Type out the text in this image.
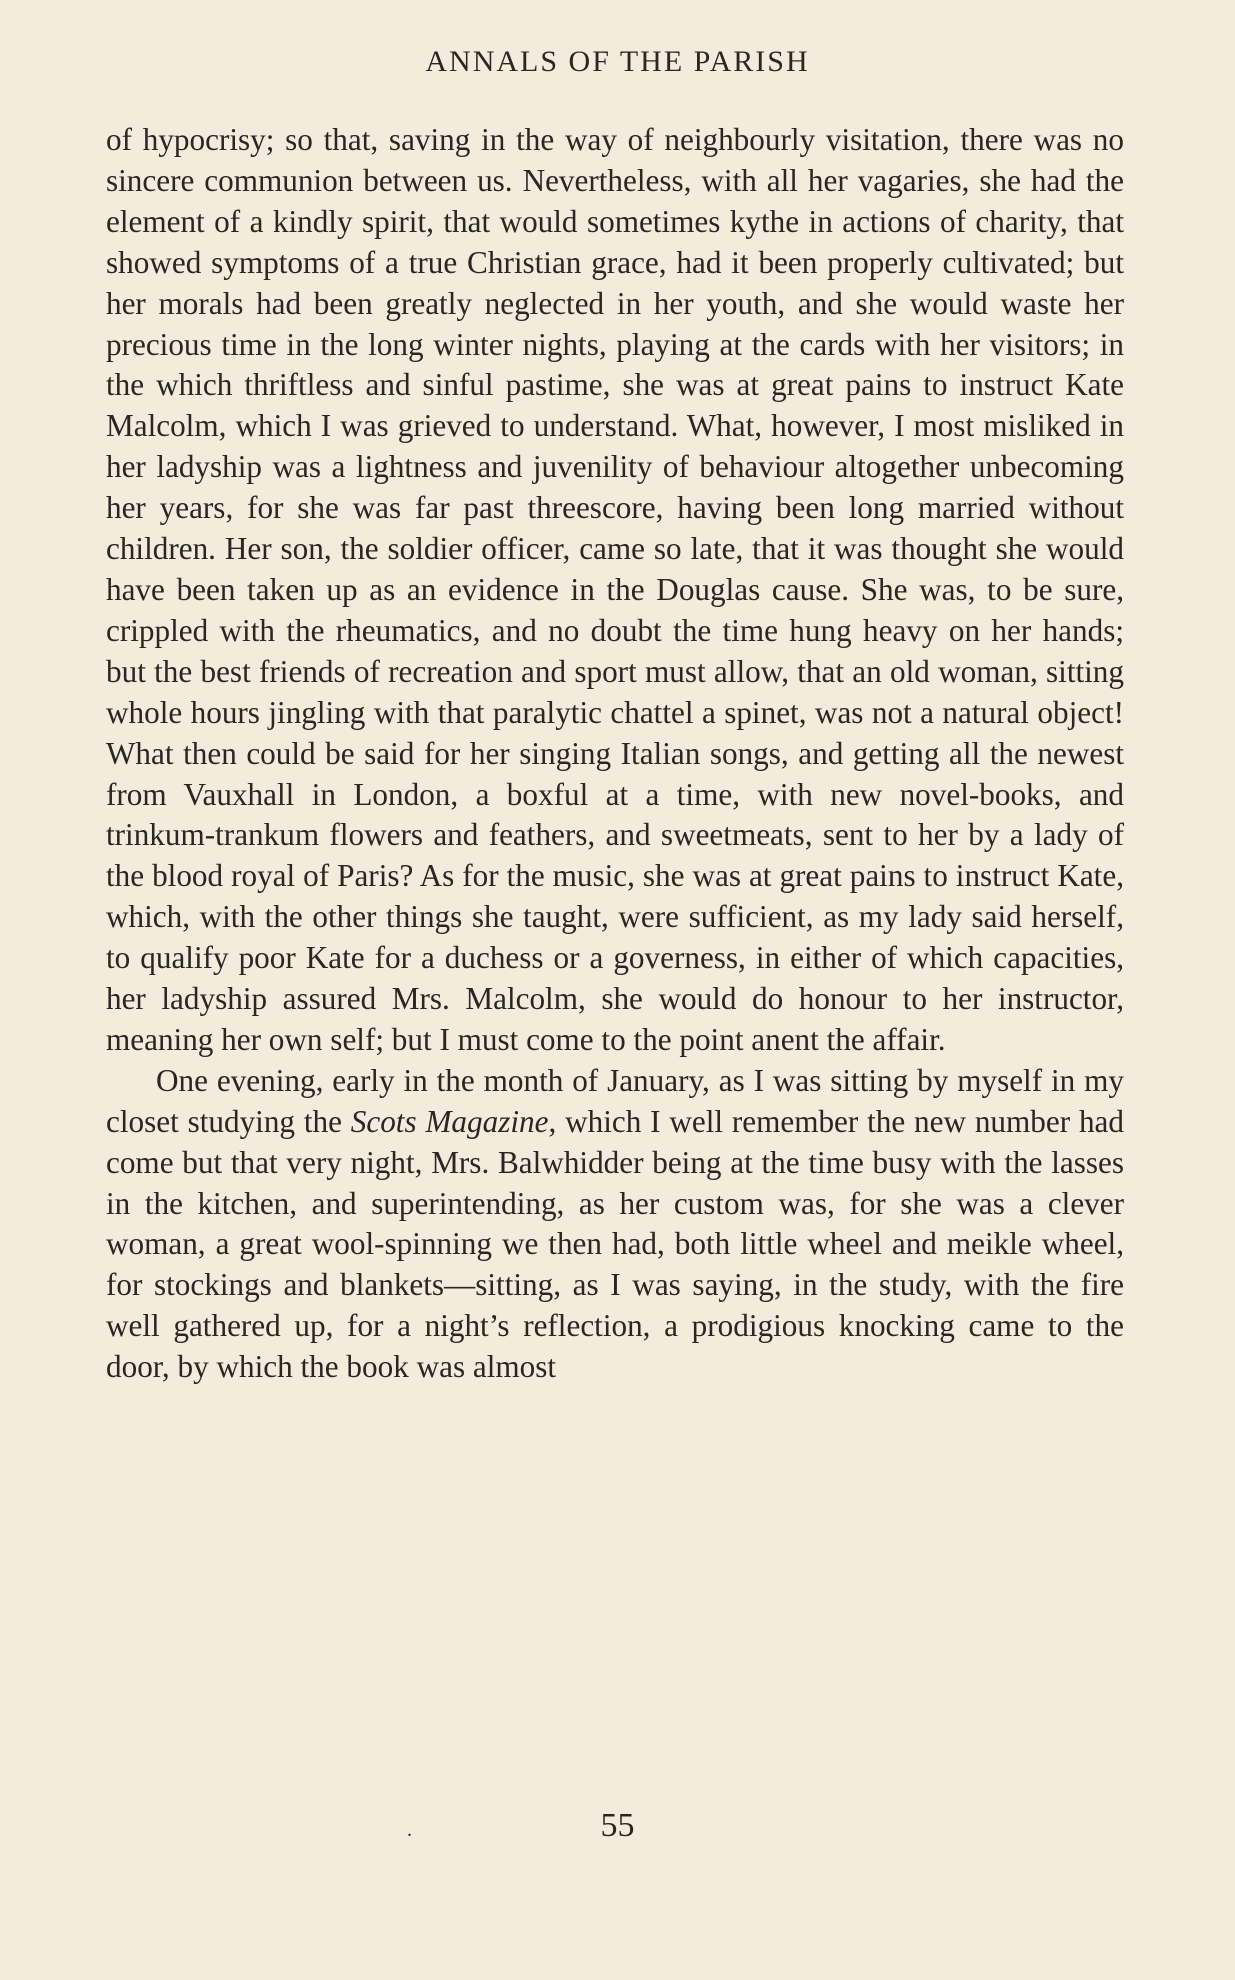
ANNALS OF THE PARISH

of hypocrisy; so that, saving in the way of neighbourly visitation, there was no sincere communion between us. Nevertheless, with all her vagaries, she had the element of a kindly spirit, that would sometimes kythe in actions of charity, that showed symptoms of a true Christian grace, had it been properly cultivated; but her morals had been greatly neglected in her youth, and she would waste her precious time in the long winter nights, playing at the cards with her visitors; in the which thriftless and sinful pastime, she was at great pains to instruct Kate Malcolm, which I was grieved to understand. What, however, I most misliked in her ladyship was a lightness and juvenility of behaviour altogether unbecoming her years, for she was far past threescore, having been long married without children. Her son, the soldier officer, came so late, that it was thought she would have been taken up as an evidence in the Douglas cause. She was, to be sure, crippled with the rheumatics, and no doubt the time hung heavy on her hands; but the best friends of recreation and sport must allow, that an old woman, sitting whole hours jingling with that paralytic chattel a spinet, was not a natural object! What then could be said for her singing Italian songs, and getting all the newest from Vauxhall in London, a boxful at a time, with new novel-books, and trinkum-trankum flowers and feathers, and sweetmeats, sent to her by a lady of the blood royal of Paris? As for the music, she was at great pains to instruct Kate, which, with the other things she taught, were sufficient, as my lady said herself, to qualify poor Kate for a duchess or a governess, in either of which capacities, her ladyship assured Mrs. Malcolm, she would do honour to her instructor, meaning her own self; but I must come to the point anent the affair.

One evening, early in the month of January, as I was sitting by myself in my closet studying the Scots Magazine, which I well remember the new number had come but that very night, Mrs. Balwhidder being at the time busy with the lasses in the kitchen, and superintending, as her custom was, for she was a clever woman, a great wool-spinning we then had, both little wheel and meikle wheel, for stockings and blankets—sitting, as I was saying, in the study, with the fire well gathered up, for a night’s reflection, a prodigious knocking came to the door, by which the book was almost

.	55
